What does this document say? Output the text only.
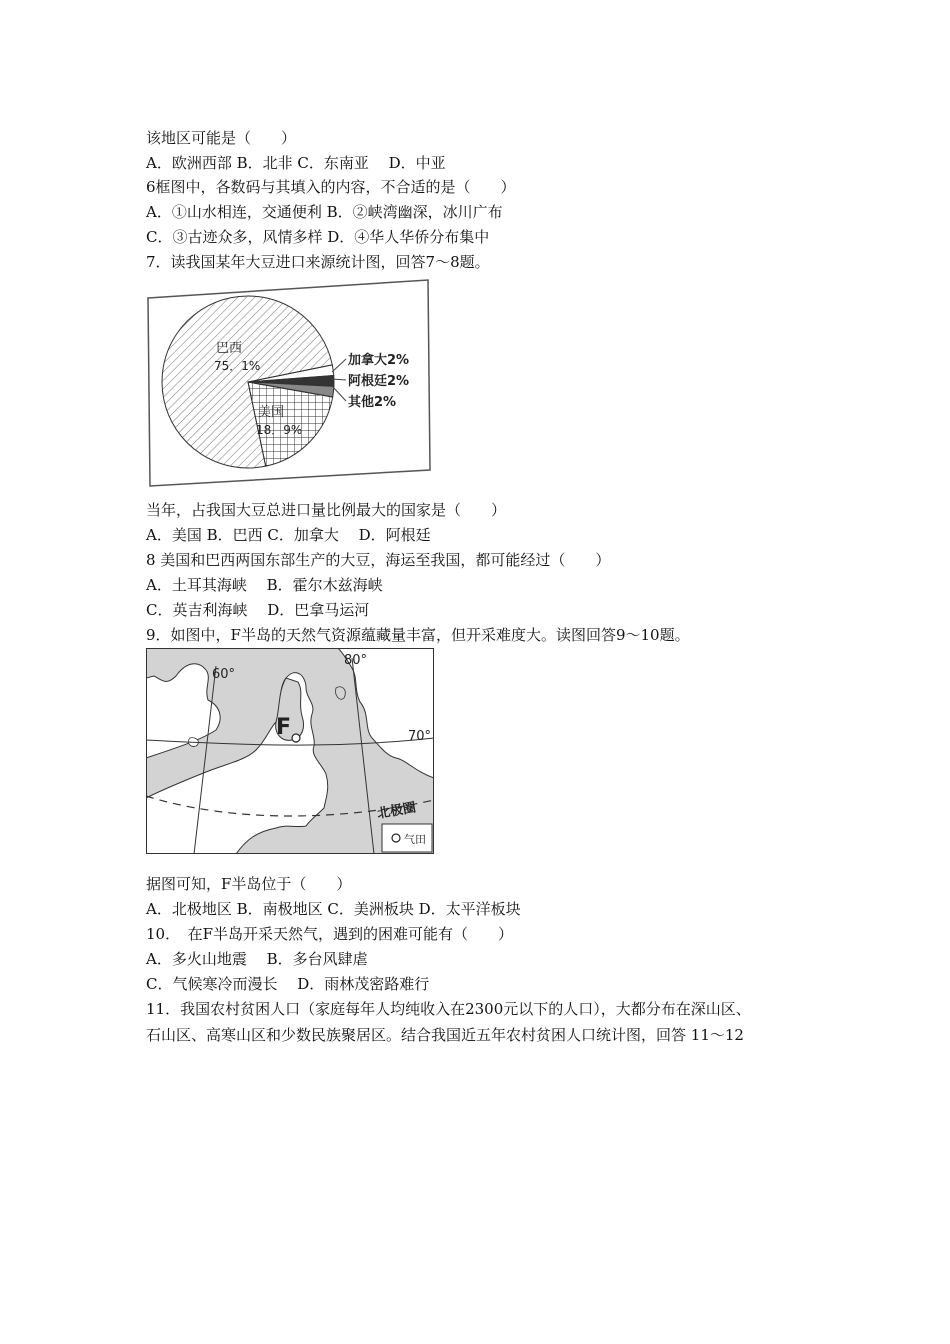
该地区可能是（　　）
A．欧洲西部 B．北非 C．东南亚　 D．中亚
6框图中，各数码与其填入的内容，不合适的是（　　）
A．①山水相连，交通便利 B．②峡湾幽深，冰川广布
C．③古迹众多，风情多样 D．④华人华侨分布集中
7．读我国某年大豆进口来源统计图，回答7～8题。
巴西
75．1%
美国
18．9%
加拿大2%
阿根廷2%
其他2%
当年，占我国大豆总进口量比例最大的国家是（　　）
A．美国 B．巴西 C．加拿大　 D．阿根廷
8 美国和巴西两国东部生产的大豆，海运至我国，都可能经过（　　）
A．土耳其海峡　 B．霍尔木兹海峡
C．英吉利海峡　 D．巴拿马运河
9．如图中，F半岛的天然气资源蕴藏量丰富，但开采难度大。读图回答9～10题。
60°
80°
70°
F
北极圈
气田
据图可知，F半岛位于（　　）
A．北极地区 B．南极地区 C．美洲板块 D．太平洋板块
10．　在F半岛开采天然气，遇到的困难可能有（　　）
A．多火山地震　 B．多台风肆虐
C．气候寒冷而漫长　 D．雨林茂密路难行
11．我国农村贫困人口（家庭每年人均纯收入在2300元以下的人口），大都分布在深山区、
石山区、高寒山区和少数民族聚居区。结合我国近五年农村贫困人口统计图，回答 11～12
